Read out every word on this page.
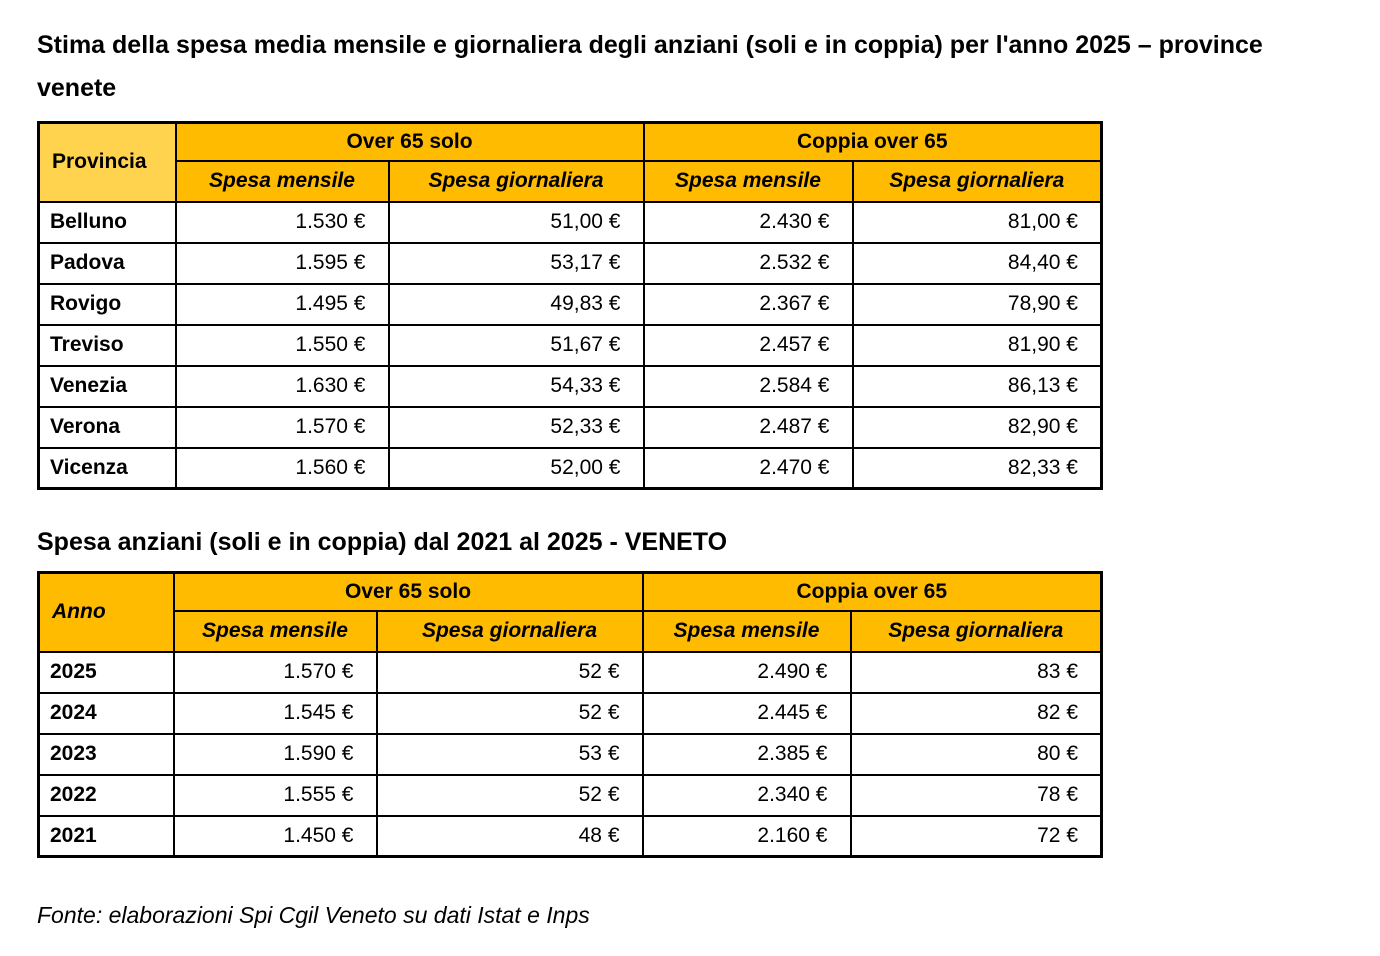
Stima della spesa media mensile e giornaliera degli anziani (soli e in coppia) per l'anno 2025 – province venete
Provincia	Over 65 solo		Coppia over 65	
	Spesa mensile	Spesa giornaliera	Spesa mensile	Spesa giornaliera
Belluno	1.530 €	51,00 €	2.430 €	81,00 €
Padova	1.595 €	53,17 €	2.532 €	84,40 €
Rovigo	1.495 €	49,83 €	2.367 €	78,90 €
Treviso	1.550 €	51,67 €	2.457 €	81,90 €
Venezia	1.630 €	54,33 €	2.584 €	86,13 €
Verona	1.570 €	52,33 €	2.487 €	82,90 €
Vicenza	1.560 €	52,00 €	2.470 €	82,33 €
Spesa anziani (soli e in coppia) dal 2021 al 2025 - VENETO
Anno	Over 65 solo		Coppia over 65	
	Spesa mensile	Spesa giornaliera	Spesa mensile	Spesa giornaliera
2025	1.570 €	52 €	2.490 €	83 €
2024	1.545 €	52 €	2.445 €	82 €
2023	1.590 €	53 €	2.385 €	80 €
2022	1.555 €	52 €	2.340 €	78 €
2021	1.450 €	48 €	2.160 €	72 €

Fonte: elaborazioni Spi Cgil Veneto su dati Istat e Inps
